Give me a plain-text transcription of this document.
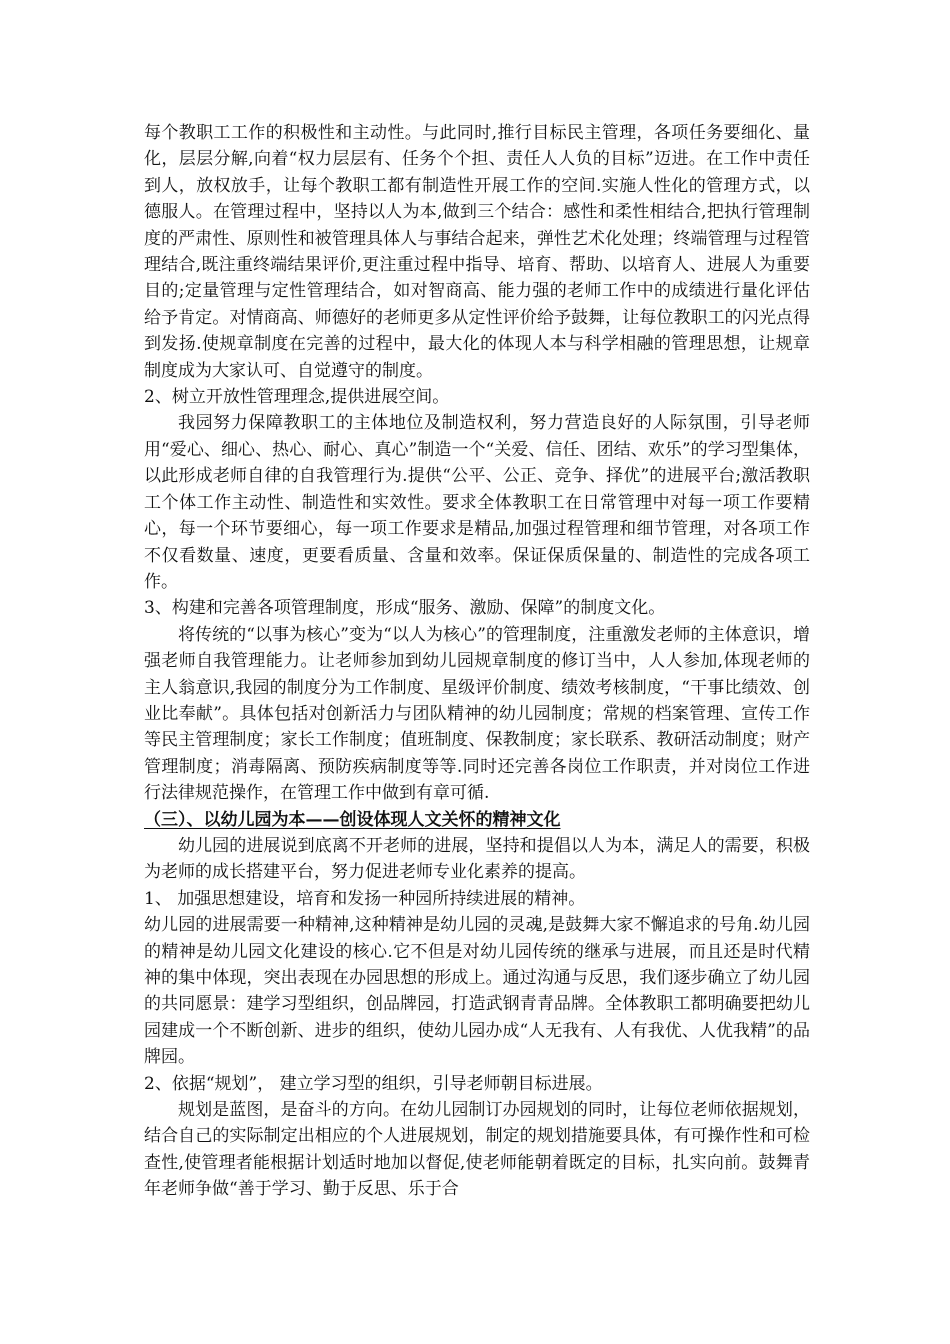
每个教职工工作的积极性和主动性。与此同时,推行目标民主管理，各项任务要细化、量化，层层分解,向着“权力层层有、任务个个担、责任人人负的目标”迈进。在工作中责任到人，放权放手，让每个教职工都有制造性开展工作的空间.实施人性化的管理方式，以德服人。在管理过程中，坚持以人为本,做到三个结合：感性和柔性相结合,把执行管理制度的严肃性、原则性和被管理具体人与事结合起来，弹性艺术化处理；终端管理与过程管理结合,既注重终端结果评价,更注重过程中指导、培育、帮助、以培育人、进展人为重要目的;定量管理与定性管理结合，如对智商高、能力强的老师工作中的成绩进行量化评估给予肯定。对情商高、师德好的老师更多从定性评价给予鼓舞，让每位教职工的闪光点得到发扬.使规章制度在完善的过程中，最大化的体现人本与科学相融的管理思想，让规章制度成为大家认可、自觉遵守的制度。

2、树立开放性管理理念,提供进展空间。

我园努力保障教职工的主体地位及制造权利，努力营造良好的人际氛围，引导老师用“爱心、细心、热心、耐心、真心”制造一个“关爱、信任、团结、欢乐”的学习型集体，以此形成老师自律的自我管理行为.提供“公平、公正、竞争、择优”的进展平台;激活教职工个体工作主动性、制造性和实效性。要求全体教职工在日常管理中对每一项工作要精心，每一个环节要细心，每一项工作要求是精品,加强过程管理和细节管理，对各项工作不仅看数量、速度，更要看质量、含量和效率。保证保质保量的、制造性的完成各项工作。

3、构建和完善各项管理制度，形成“服务、激励、保障”的制度文化。

将传统的“以事为核心”变为“以人为核心”的管理制度，注重激发老师的主体意识，增强老师自我管理能力。让老师参加到幼儿园规章制度的修订当中，人人参加,体现老师的主人翁意识,我园的制度分为工作制度、星级评价制度、绩效考核制度，“干事比绩效、创业比奉献”。具体包括对创新活力与团队精神的幼儿园制度；常规的档案管理、宣传工作等民主管理制度；家长工作制度；值班制度、保教制度；家长联系、教研活动制度；财产管理制度；消毒隔离、预防疾病制度等等.同时还完善各岗位工作职责，并对岗位工作进行法律规范操作，在管理工作中做到有章可循.

（三）、以幼儿园为本——创设体现人文关怀的精神文化

幼儿园的进展说到底离不开老师的进展，坚持和提倡以人为本，满足人的需要，积极为老师的成长搭建平台，努力促进老师专业化素养的提高。

1、 加强思想建设，培育和发扬一种园所持续进展的精神。

幼儿园的进展需要一种精神,这种精神是幼儿园的灵魂,是鼓舞大家不懈追求的号角.幼儿园的精神是幼儿园文化建设的核心.它不但是对幼儿园传统的继承与进展，而且还是时代精神的集中体现，突出表现在办园思想的形成上。通过沟通与反思，我们逐步确立了幼儿园的共同愿景：建学习型组织，创品牌园，打造武钢青青品牌。全体教职工都明确要把幼儿园建成一个不断创新、进步的组织，使幼儿园办成“人无我有、人有我优、人优我精”的品牌园。

2、依据“规划”， 建立学习型的组织，引导老师朝目标进展。

规划是蓝图，是奋斗的方向。在幼儿园制订办园规划的同时，让每位老师依据规划，结合自己的实际制定出相应的个人进展规划，制定的规划措施要具体，有可操作性和可检查性,使管理者能根据计划适时地加以督促,使老师能朝着既定的目标，扎实向前。鼓舞青年老师争做“善于学习、勤于反思、乐于合
